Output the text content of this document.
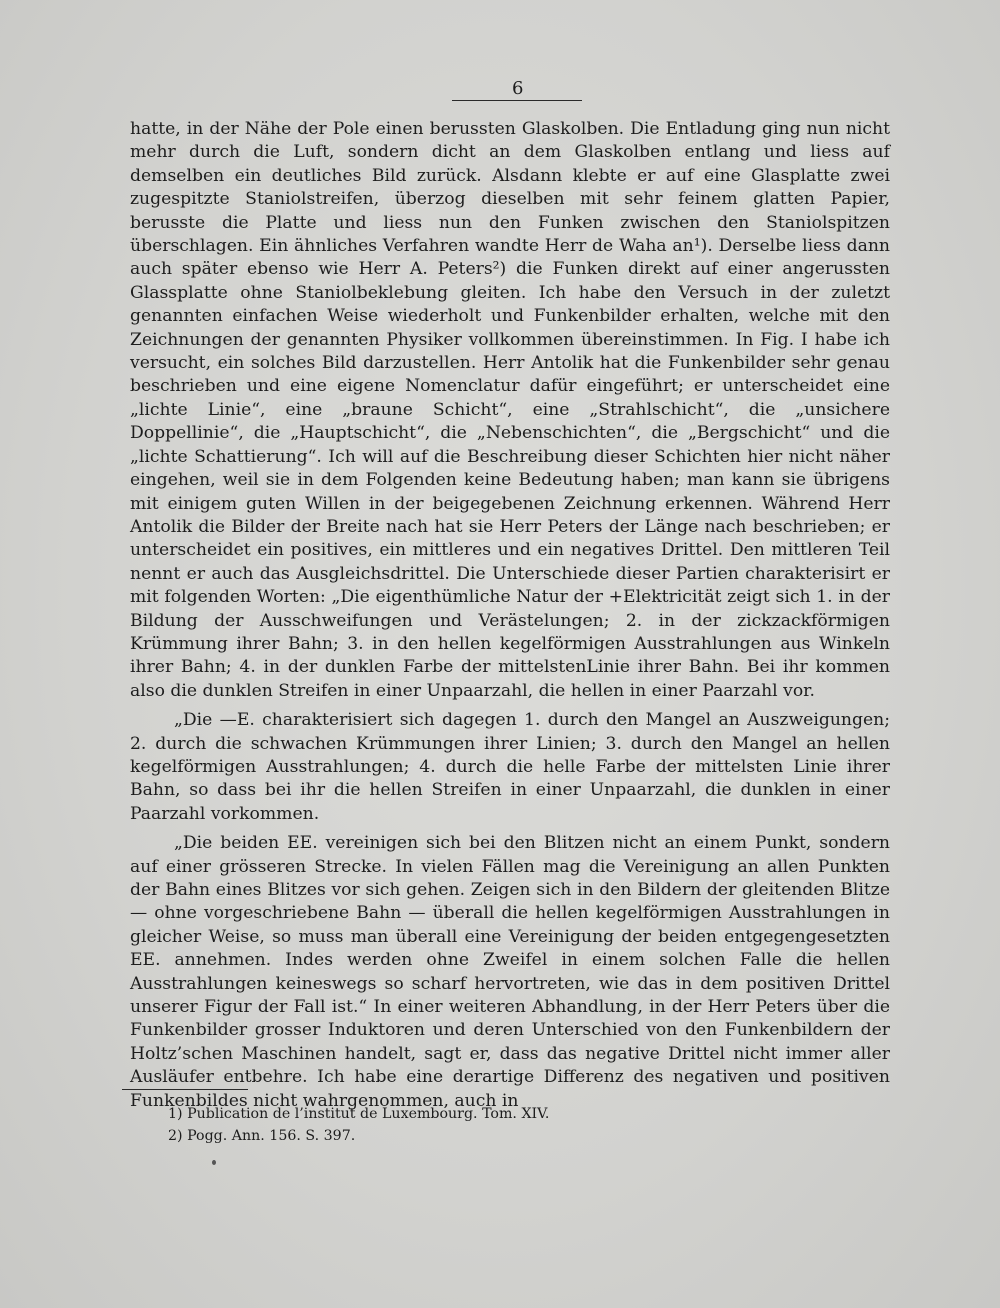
6

hatte, in der Nähe der Pole einen berussten Glaskolben. Die Entladung ging nun nicht mehr durch die Luft, sondern dicht an dem Glaskolben entlang und liess auf demselben ein deutliches Bild zurück. Alsdann klebte er auf eine Glasplatte zwei zugespitzte Staniolstreifen, überzog dieselben mit sehr feinem glatten Papier, berusste die Platte und liess nun den Funken zwischen den Staniolspitzen überschlagen. Ein ähnliches Verfahren wandte Herr de Waha an¹). Derselbe liess dann auch später ebenso wie Herr A. Peters²) die Funken direkt auf einer angerussten Glassplatte ohne Staniolbeklebung gleiten. Ich habe den Versuch in der zuletzt genannten einfachen Weise wiederholt und Funkenbilder erhalten, welche mit den Zeichnungen der genannten Physiker vollkommen übereinstimmen. In Fig. I habe ich versucht, ein solches Bild darzustellen. Herr Antolik hat die Funkenbilder sehr genau beschrieben und eine eigene Nomenclatur dafür eingeführt; er unterscheidet eine „lichte Linie“, eine „braune Schicht“, eine „Strahlschicht“, die „unsichere Doppellinie“, die „Hauptschicht“, die „Nebenschichten“, die „Bergschicht“ und die „lichte Schattierung“. Ich will auf die Beschreibung dieser Schichten hier nicht näher eingehen, weil sie in dem Folgenden keine Bedeutung haben; man kann sie übrigens mit einigem guten Willen in der beigegebenen Zeichnung erkennen. Während Herr Antolik die Bilder der Breite nach hat sie Herr Peters der Länge nach beschrieben; er unterscheidet ein positives, ein mittleres und ein negatives Drittel. Den mittleren Teil nennt er auch das Ausgleichsdrittel. Die Unterschiede dieser Partien charakterisirt er mit folgenden Worten: „Die eigenthümliche Natur der +Elektricität zeigt sich 1. in der Bildung der Ausschweifungen und Verästelungen; 2. in der zickzackförmigen Krümmung ihrer Bahn; 3. in den hellen kegelförmigen Ausstrahlungen aus Winkeln ihrer Bahn; 4. in der dunklen Farbe der mittelstenLinie ihrer Bahn. Bei ihr kommen also die dunklen Streifen in einer Unpaarzahl, die hellen in einer Paarzahl vor.

„Die —E. charakterisiert sich dagegen 1. durch den Mangel an Auszweigungen; 2. durch die schwachen Krümmungen ihrer Linien; 3. durch den Mangel an hellen kegelförmigen Ausstrahlungen; 4. durch die helle Farbe der mittelsten Linie ihrer Bahn, so dass bei ihr die hellen Streifen in einer Unpaarzahl, die dunklen in einer Paarzahl vorkommen.

„Die beiden EE. vereinigen sich bei den Blitzen nicht an einem Punkt, sondern auf einer grösseren Strecke. In vielen Fällen mag die Vereinigung an allen Punkten der Bahn eines Blitzes vor sich gehen. Zeigen sich in den Bildern der gleitenden Blitze — ohne vorgeschriebene Bahn — überall die hellen kegelförmigen Ausstrahlungen in gleicher Weise, so muss man überall eine Vereinigung der beiden entgegengesetzten EE. annehmen. Indes werden ohne Zweifel in einem solchen Falle die hellen Ausstrahlungen keineswegs so scharf hervortreten, wie das in dem positiven Drittel unserer Figur der Fall ist.“ In einer weiteren Abhandlung, in der Herr Peters über die Funkenbilder grosser Induktoren und deren Unterschied von den Funkenbildern der Holtz’schen Maschinen handelt, sagt er, dass das negative Drittel nicht immer aller Ausläufer entbehre. Ich habe eine derartige Differenz des negativen und positiven Funkenbildes nicht wahrgenommen, auch in

1) Publication de l’institut de Luxembourg. Tom. XIV.
2) Pogg. Ann. 156. S. 397.
